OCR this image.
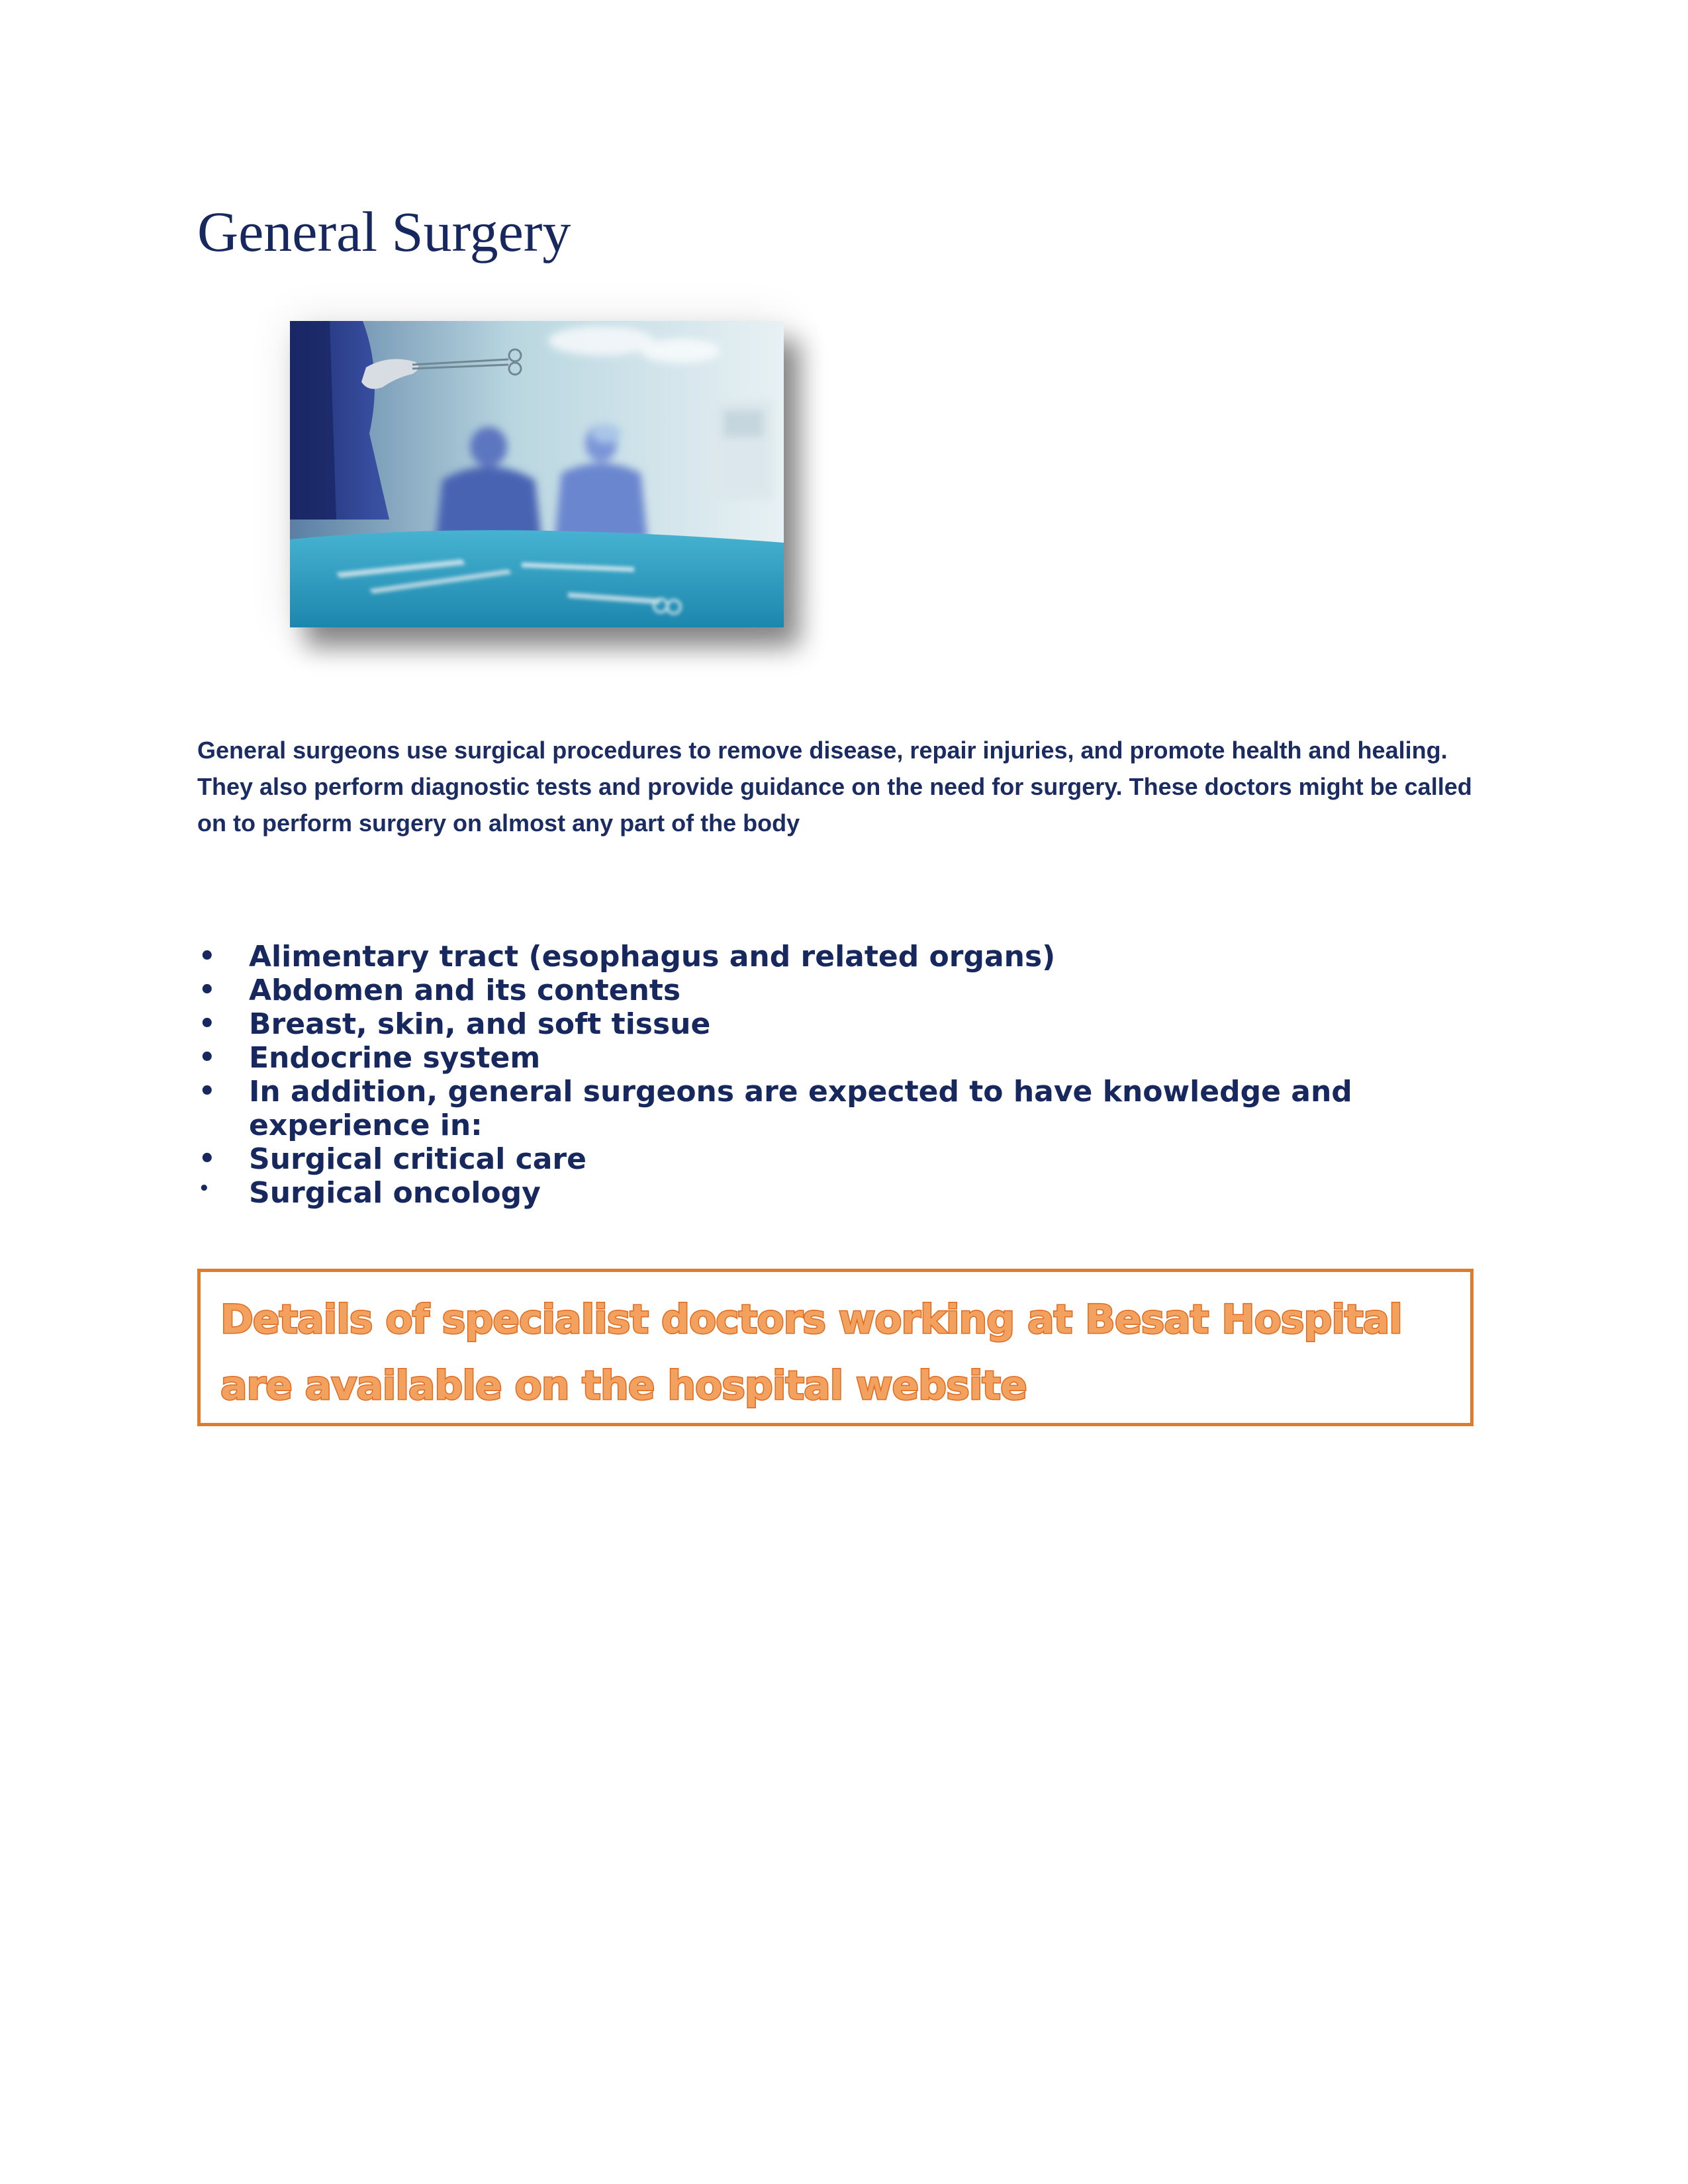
General Surgery

General surgeons use surgical procedures to remove disease, repair injuries, and promote health and healing. They also perform diagnostic tests and provide guidance on the need for surgery. These doctors might be called on to perform surgery on almost any part of the body

• Alimentary tract (esophagus and related organs)
• Abdomen and its contents
• Breast, skin, and soft tissue
• Endocrine system
• In addition, general surgeons are expected to have knowledge and experience in:
• Surgical critical care
• Surgical oncology

Details of specialist doctors working at Besat Hospital are available on the hospital website
